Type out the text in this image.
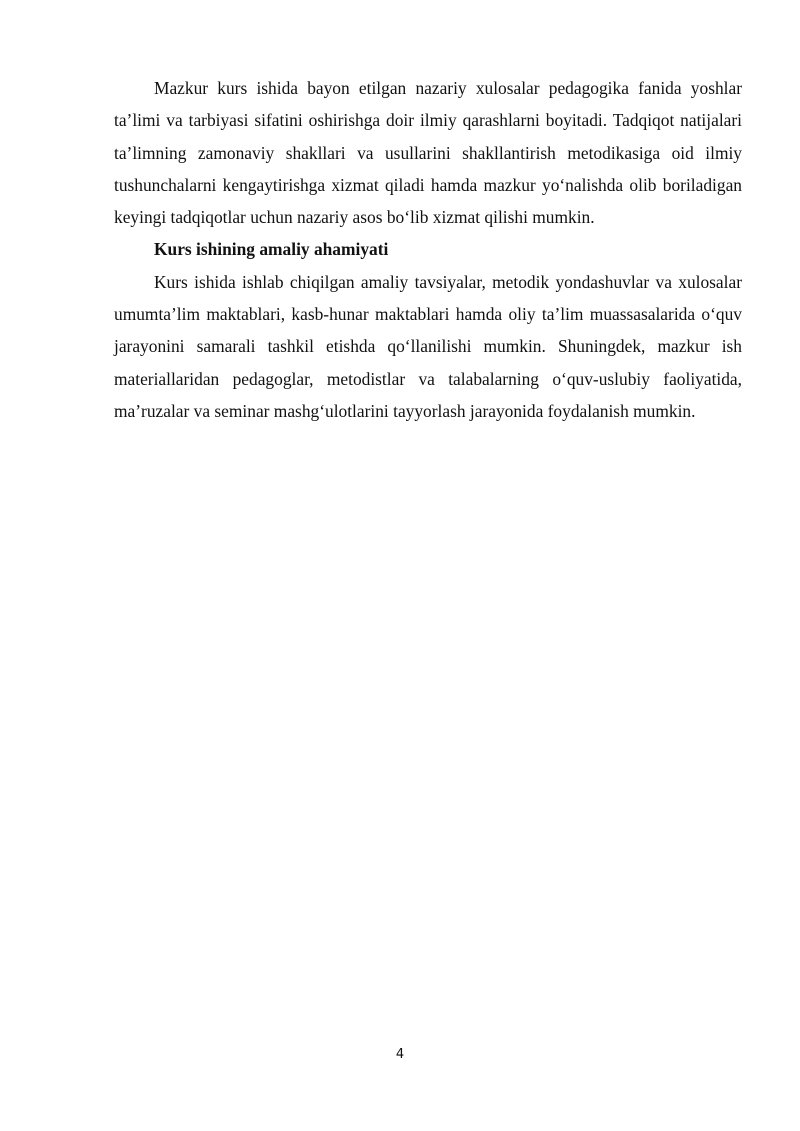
Mazkur kurs ishida bayon etilgan nazariy xulosalar pedagogika fanida yoshlar ta’limi va tarbiyasi sifatini oshirishga doir ilmiy qarashlarni boyitadi. Tadqiqot natijalari ta’limning zamonaviy shakllari va usullarini shakllantirish metodikasiga oid ilmiy tushunchalarni kengaytirishga xizmat qiladi hamda mazkur yo‘nalishda olib boriladigan keyingi tadqiqotlar uchun nazariy asos bo‘lib xizmat qilishi mumkin.

Kurs ishining amaliy ahamiyati

Kurs ishida ishlab chiqilgan amaliy tavsiyalar, metodik yondashuvlar va xulosalar umumta’lim maktablari, kasb-hunar maktablari hamda oliy ta’lim muassasalarida o‘quv jarayonini samarali tashkil etishda qo‘llanilishi mumkin. Shuningdek, mazkur ish materiallaridan pedagoglar, metodistlar va talabalarning o‘quv-uslubiy faoliyatida, ma’ruzalar va seminar mashg‘ulotlarini tayyorlash jarayonida foydalanish mumkin.

4
